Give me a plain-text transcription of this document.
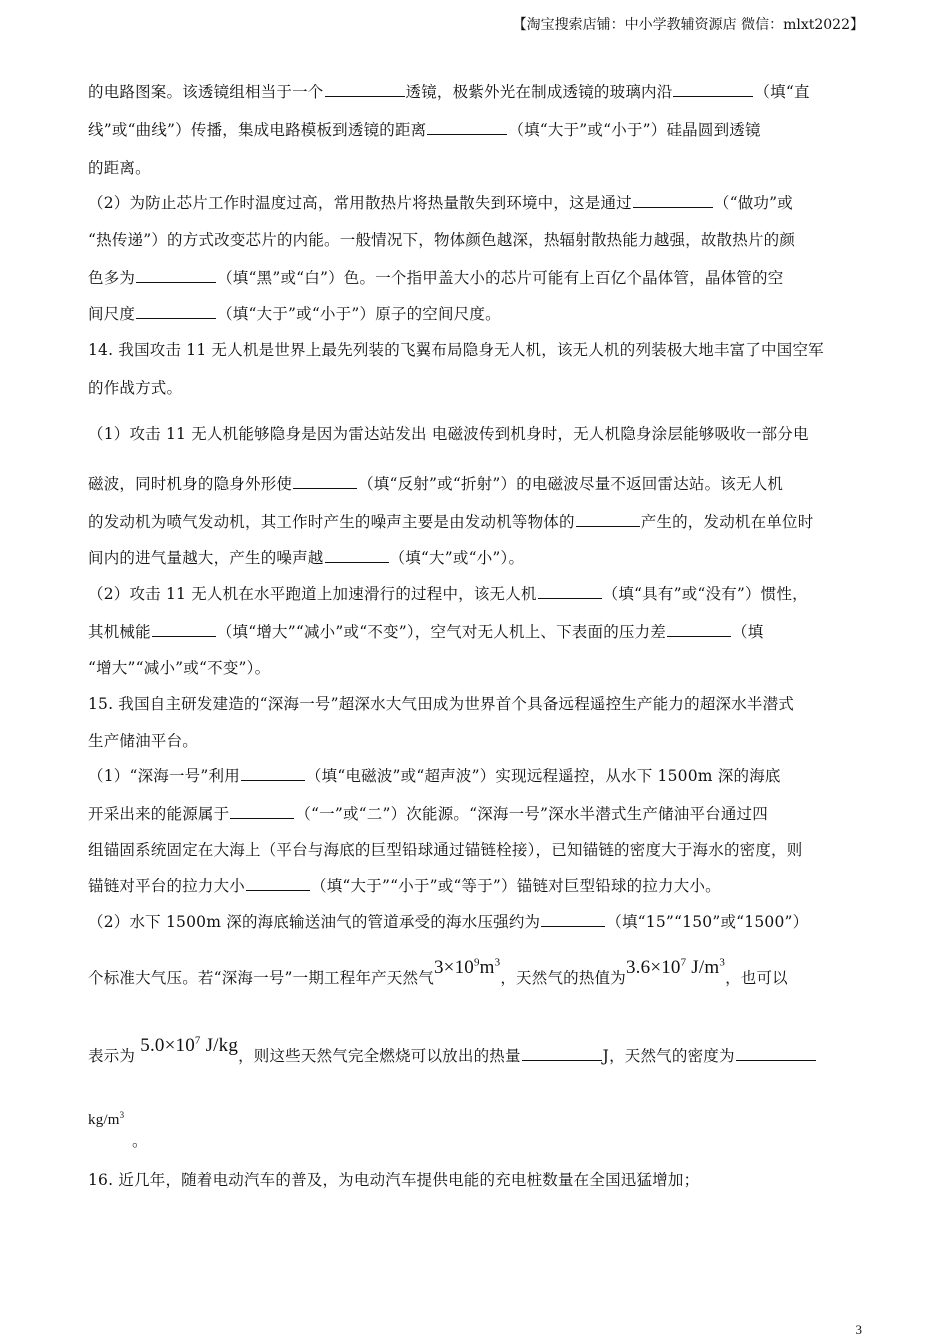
【淘宝搜索店铺：中小学教辅资源店 微信：mlxt2022】
的电路图案。该透镜组相当于一个	透镜，极紫外光在制成透镜的玻璃内沿	（填“直
线”或“曲线”）传播，集成电路模板到透镜的距离	（填“大于”或“小于”）硅晶圆到透镜
的距离。
（2）为防止芯片工作时温度过高，常用散热片将热量散失到环境中，这是通过	（“做功”或
“热传递”）的方式改变芯片的内能。一般情况下，物体颜色越深，热辐射散热能力越强，故散热片的颜
色多为	（填“黑”或“白”）色。一个指甲盖大小的芯片可能有上百亿个晶体管，晶体管的空
间尺度	（填“大于”或“小于”）原子的空间尺度。
14. 我国攻击 11 无人机是世界上最先列装的飞翼布局隐身无人机，该无人机的列装极大地丰富了中国空军
的作战方式。
（1）攻击 11 无人机能够隐身是因为雷达站发出 电磁波传到机身时，无人机隐身涂层能够吸收一部分电
磁波，同时机身的隐身外形使	（填“反射”或“折射”）的电磁波尽量不返回雷达站。该无人机
的发动机为喷气发动机，其工作时产生的噪声主要是由发动机等物体的	产生的，发动机在单位时
间内的进气量越大，产生的噪声越	（填“大”或“小”）。
（2）攻击 11 无人机在水平跑道上加速滑行的过程中，该无人机	（填“具有”或“没有”）惯性，
其机械能	（填“增大”“减小”或“不变”），空气对无人机上、下表面的压力差	（填
“增大”“减小”或“不变”）。
15. 我国自主研发建造的“深海一号”超深水大气田成为世界首个具备远程遥控生产能力的超深水半潜式
生产储油平台。
（1）“深海一号”利用	（填“电磁波”或“超声波”）实现远程遥控，从水下 1500m 深的海底
开采出来的能源属于	（“一”或“二”）次能源。“深海一号”深水半潜式生产储油平台通过四
组锚固系统固定在大海上（平台与海底的巨型铅球通过锚链栓接），已知锚链的密度大于海水的密度，则
锚链对平台的拉力大小	（填“大于”“小于”或“等于”）锚链对巨型铅球的拉力大小。
（2）水下 1500m 深的海底输送油气的管道承受的海水压强约为	（填“15”“150”或“1500”）
个标准大气压。若“深海一号”一期工程年产天然气$3\times 10^9m^3$，天然气的热值为$3.6\times 10^7$ $J/m^3$，也可以
表示为 $5.0\times 10^7$ J/kg，则这些天然气完全燃烧可以放出的热量	J，天然气的密度为
$kg/m^3$
。
16. 近几年，随着电动汽车的普及，为电动汽车提供电能的充电桩数量在全国迅猛增加；
3
